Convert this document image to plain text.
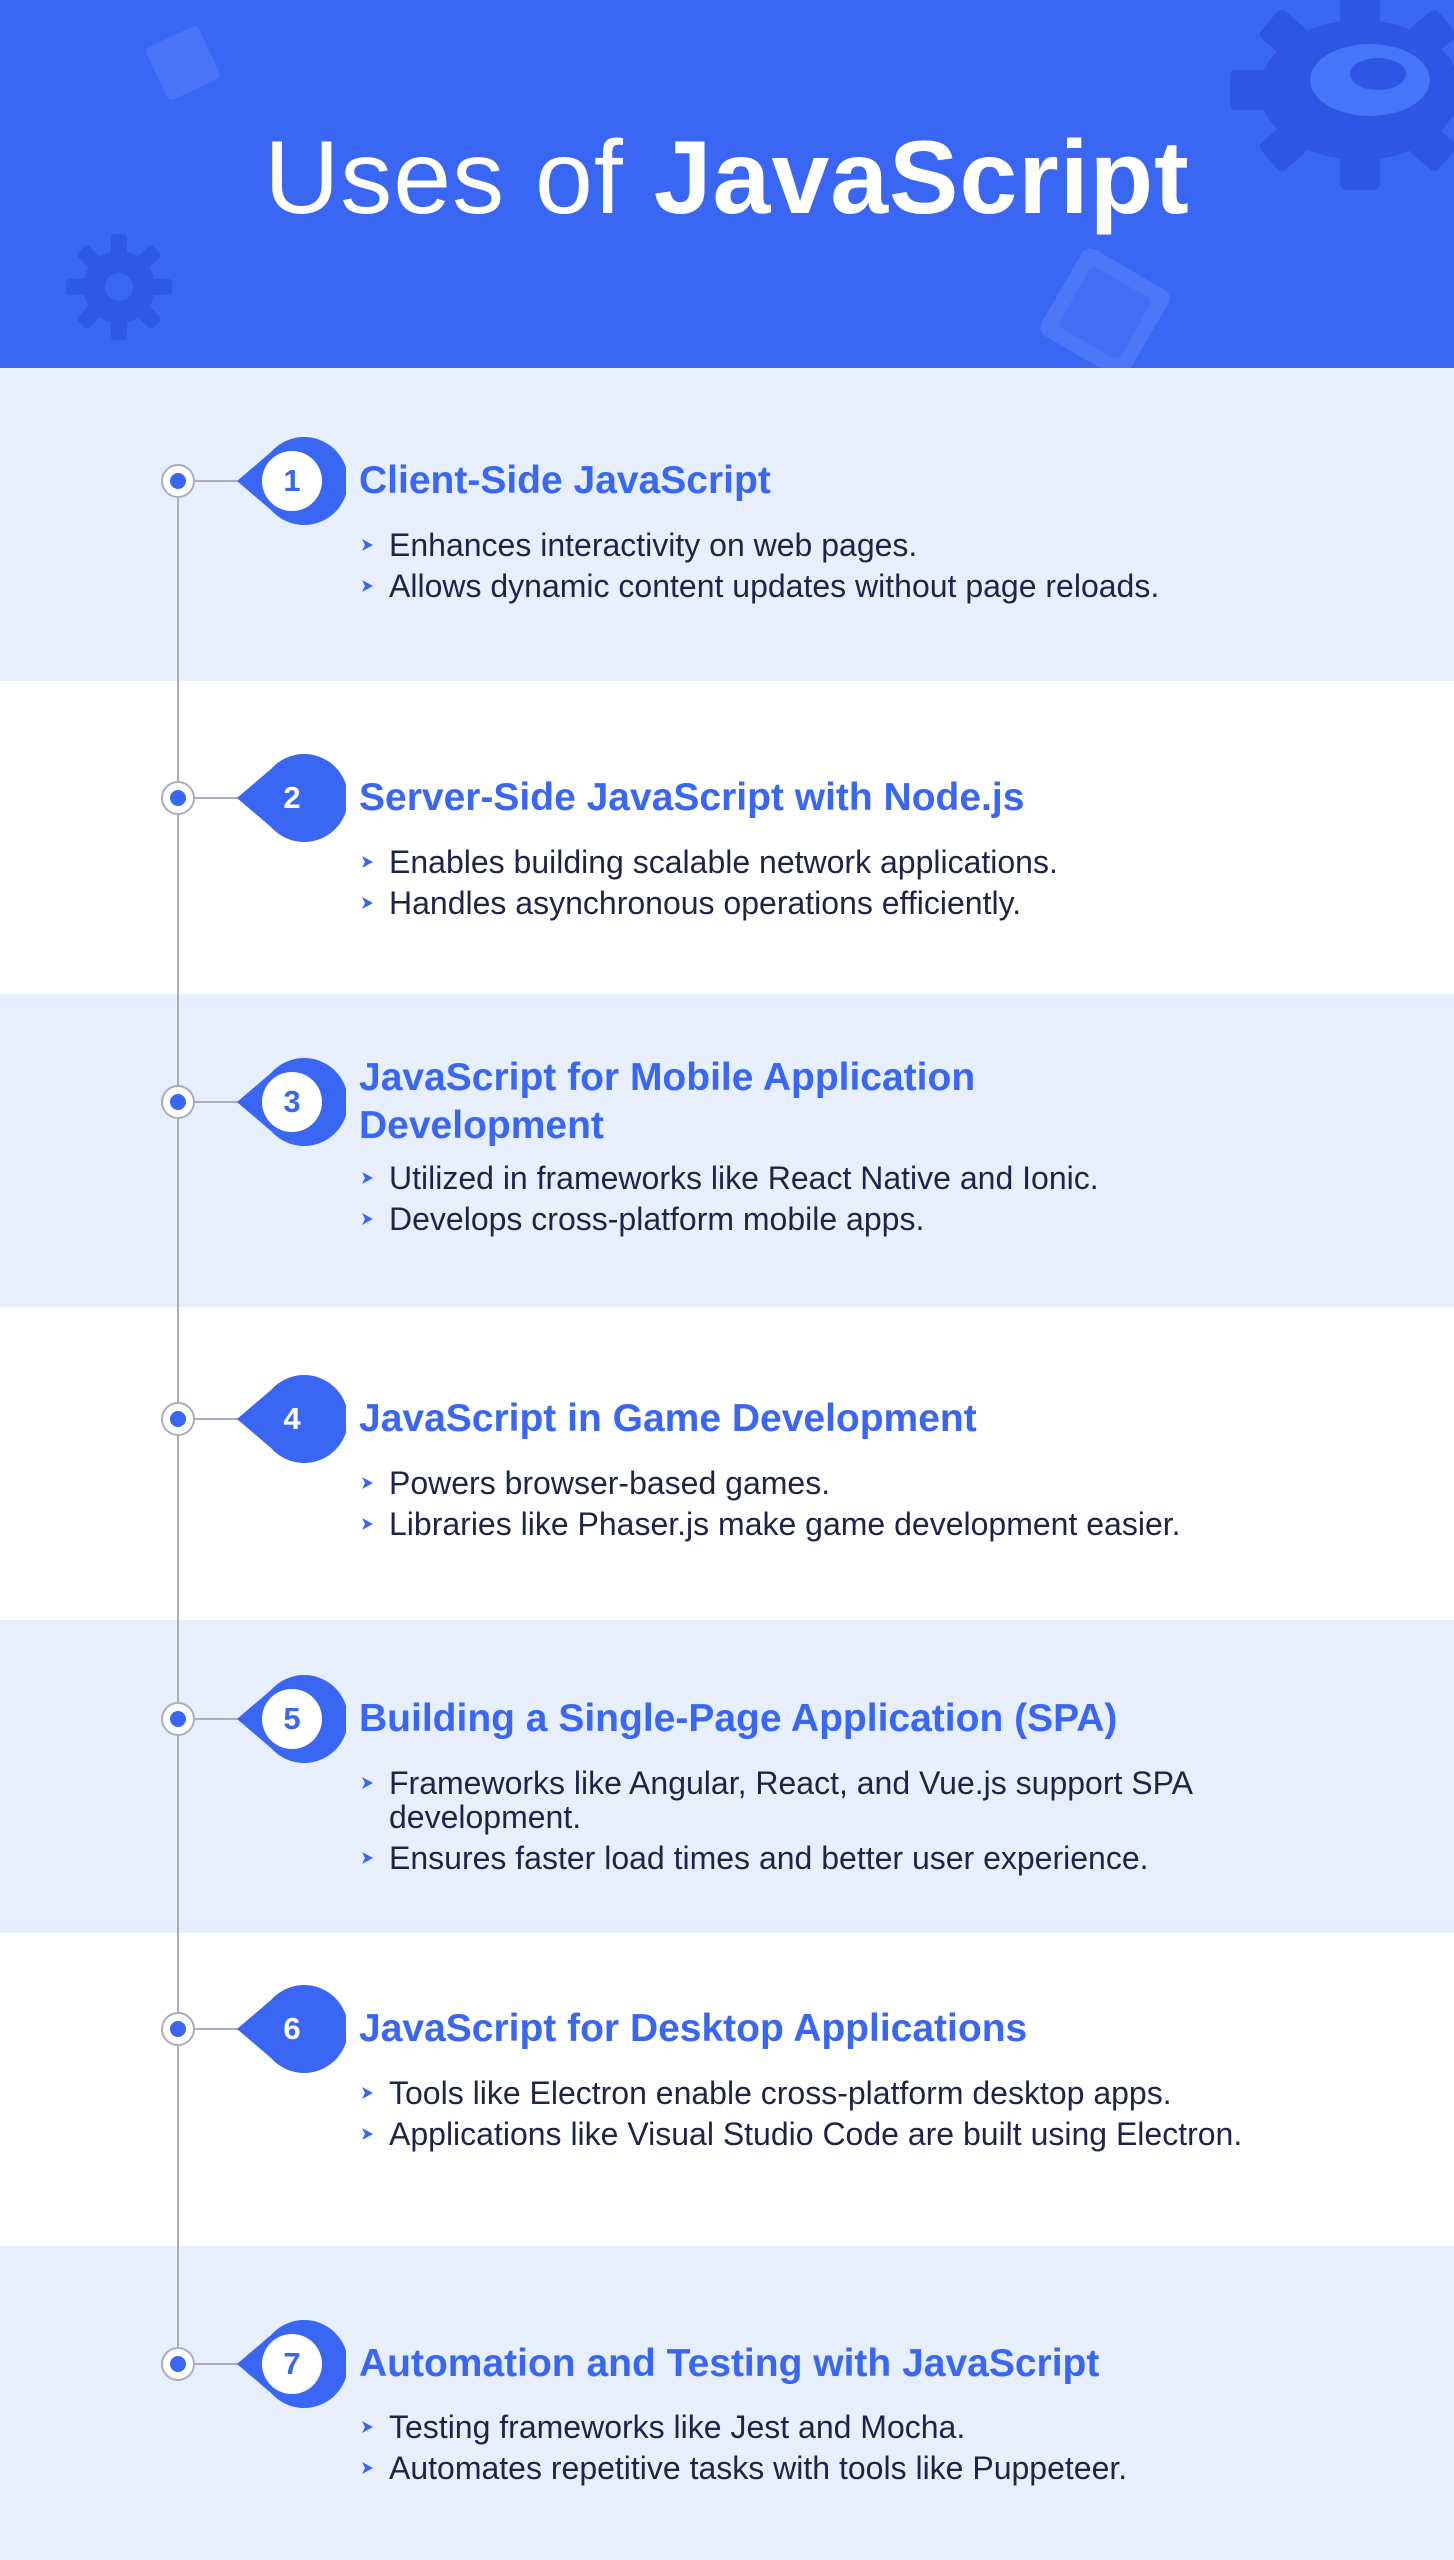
Uses of JavaScript
1	Client-Side JavaScript
Enhances interactivity on web pages.
Allows dynamic content updates without page reloads.
2	Server-Side JavaScript with Node.js
Enables building scalable network applications.
Handles asynchronous operations efficiently.
3
JavaScript for Mobile Application Development
Utilized in frameworks like React Native and Ionic.
Develops cross-platform mobile apps.
4	JavaScript in Game Development
Powers browser-based games.
Libraries like Phaser.js make game development easier.
5	Building a Single-Page Application (SPA)
Frameworks like Angular, React, and Vue.js support SPA development.
Ensures faster load times and better user experience.
6	JavaScript for Desktop Applications
Tools like Electron enable cross-platform desktop apps.
Applications like Visual Studio Code are built using Electron.
7	Automation and Testing with JavaScript
Testing frameworks like Jest and Mocha.
Automates repetitive tasks with tools like Puppeteer.
